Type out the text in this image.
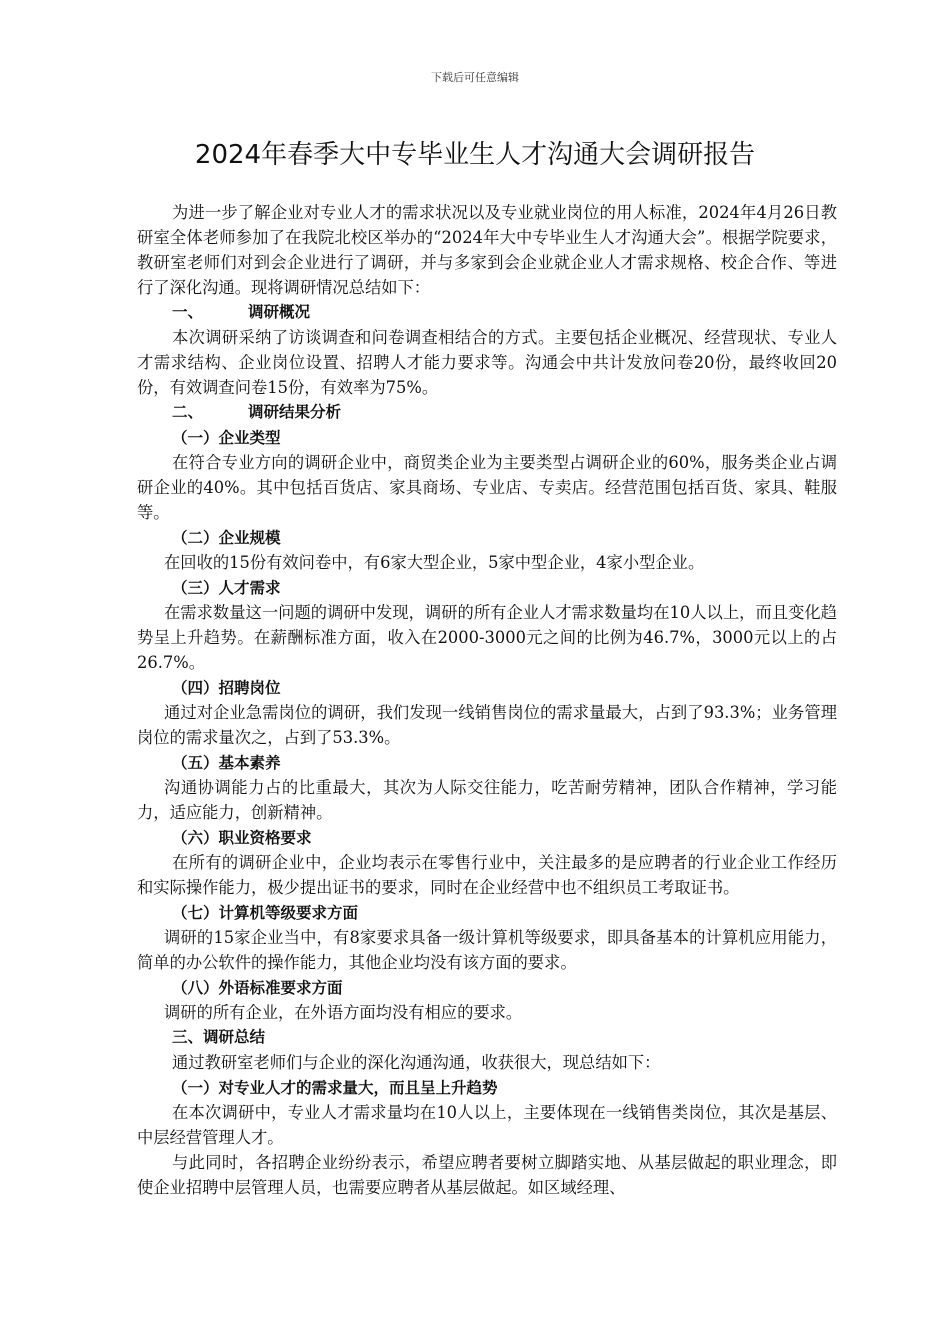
下载后可任意编辑
2024年春季大中专毕业生人才沟通大会调研报告

为进一步了解企业对专业人才的需求状况以及专业就业岗位的用人标准，2024年4月26日教研室全体老师参加了在我院北校区举办的“2024年大中专毕业生人才沟通大会”。根据学院要求，教研室老师们对到会企业进行了调研，并与多家到会企业就企业人才需求规格、校企合作、等进行了深化沟通。现将调研情况总结如下：

一、	调研概况

本次调研采纳了访谈调查和问卷调查相结合的方式。主要包括企业概况、经营现状、专业人才需求结构、企业岗位设置、招聘人才能力要求等。沟通会中共计发放问卷20份，最终收回20份，有效调查问卷15份，有效率为75%。

二、	调研结果分析

（一）企业类型

在符合专业方向的调研企业中，商贸类企业为主要类型占调研企业的60%，服务类企业占调研企业的40%。其中包括百货店、家具商场、专业店、专卖店。经营范围包括百货、家具、鞋服等。

（二）企业规模

在回收的15份有效问卷中，有6家大型企业，5家中型企业，4家小型企业。

（三）人才需求

在需求数量这一问题的调研中发现，调研的所有企业人才需求数量均在10人以上，而且变化趋势呈上升趋势。在薪酬标准方面，收入在2000-3000元之间的比例为46.7%，3000元以上的占26.7%。

（四）招聘岗位

通过对企业急需岗位的调研，我们发现一线销售岗位的需求量最大，占到了93.3%；业务管理岗位的需求量次之，占到了53.3%。

（五）基本素养

沟通协调能力占的比重最大，其次为人际交往能力，吃苦耐劳精神，团队合作精神，学习能力，适应能力，创新精神。

（六）职业资格要求

在所有的调研企业中，企业均表示在零售行业中，关注最多的是应聘者的行业企业工作经历和实际操作能力，极少提出证书的要求，同时在企业经营中也不组织员工考取证书。

（七）计算机等级要求方面

调研的15家企业当中，有8家要求具备一级计算机等级要求，即具备基本的计算机应用能力，简单的办公软件的操作能力，其他企业均没有该方面的要求。

（八）外语标准要求方面

调研的所有企业，在外语方面均没有相应的要求。

三、调研总结

通过教研室老师们与企业的深化沟通沟通，收获很大，现总结如下：

（一）对专业人才的需求量大，而且呈上升趋势

在本次调研中，专业人才需求量均在10人以上，主要体现在一线销售类岗位，其次是基层、中层经营管理人才。

与此同时，各招聘企业纷纷表示，希望应聘者要树立脚踏实地、从基层做起的职业理念，即使企业招聘中层管理人员，也需要应聘者从基层做起。如区域经理、
